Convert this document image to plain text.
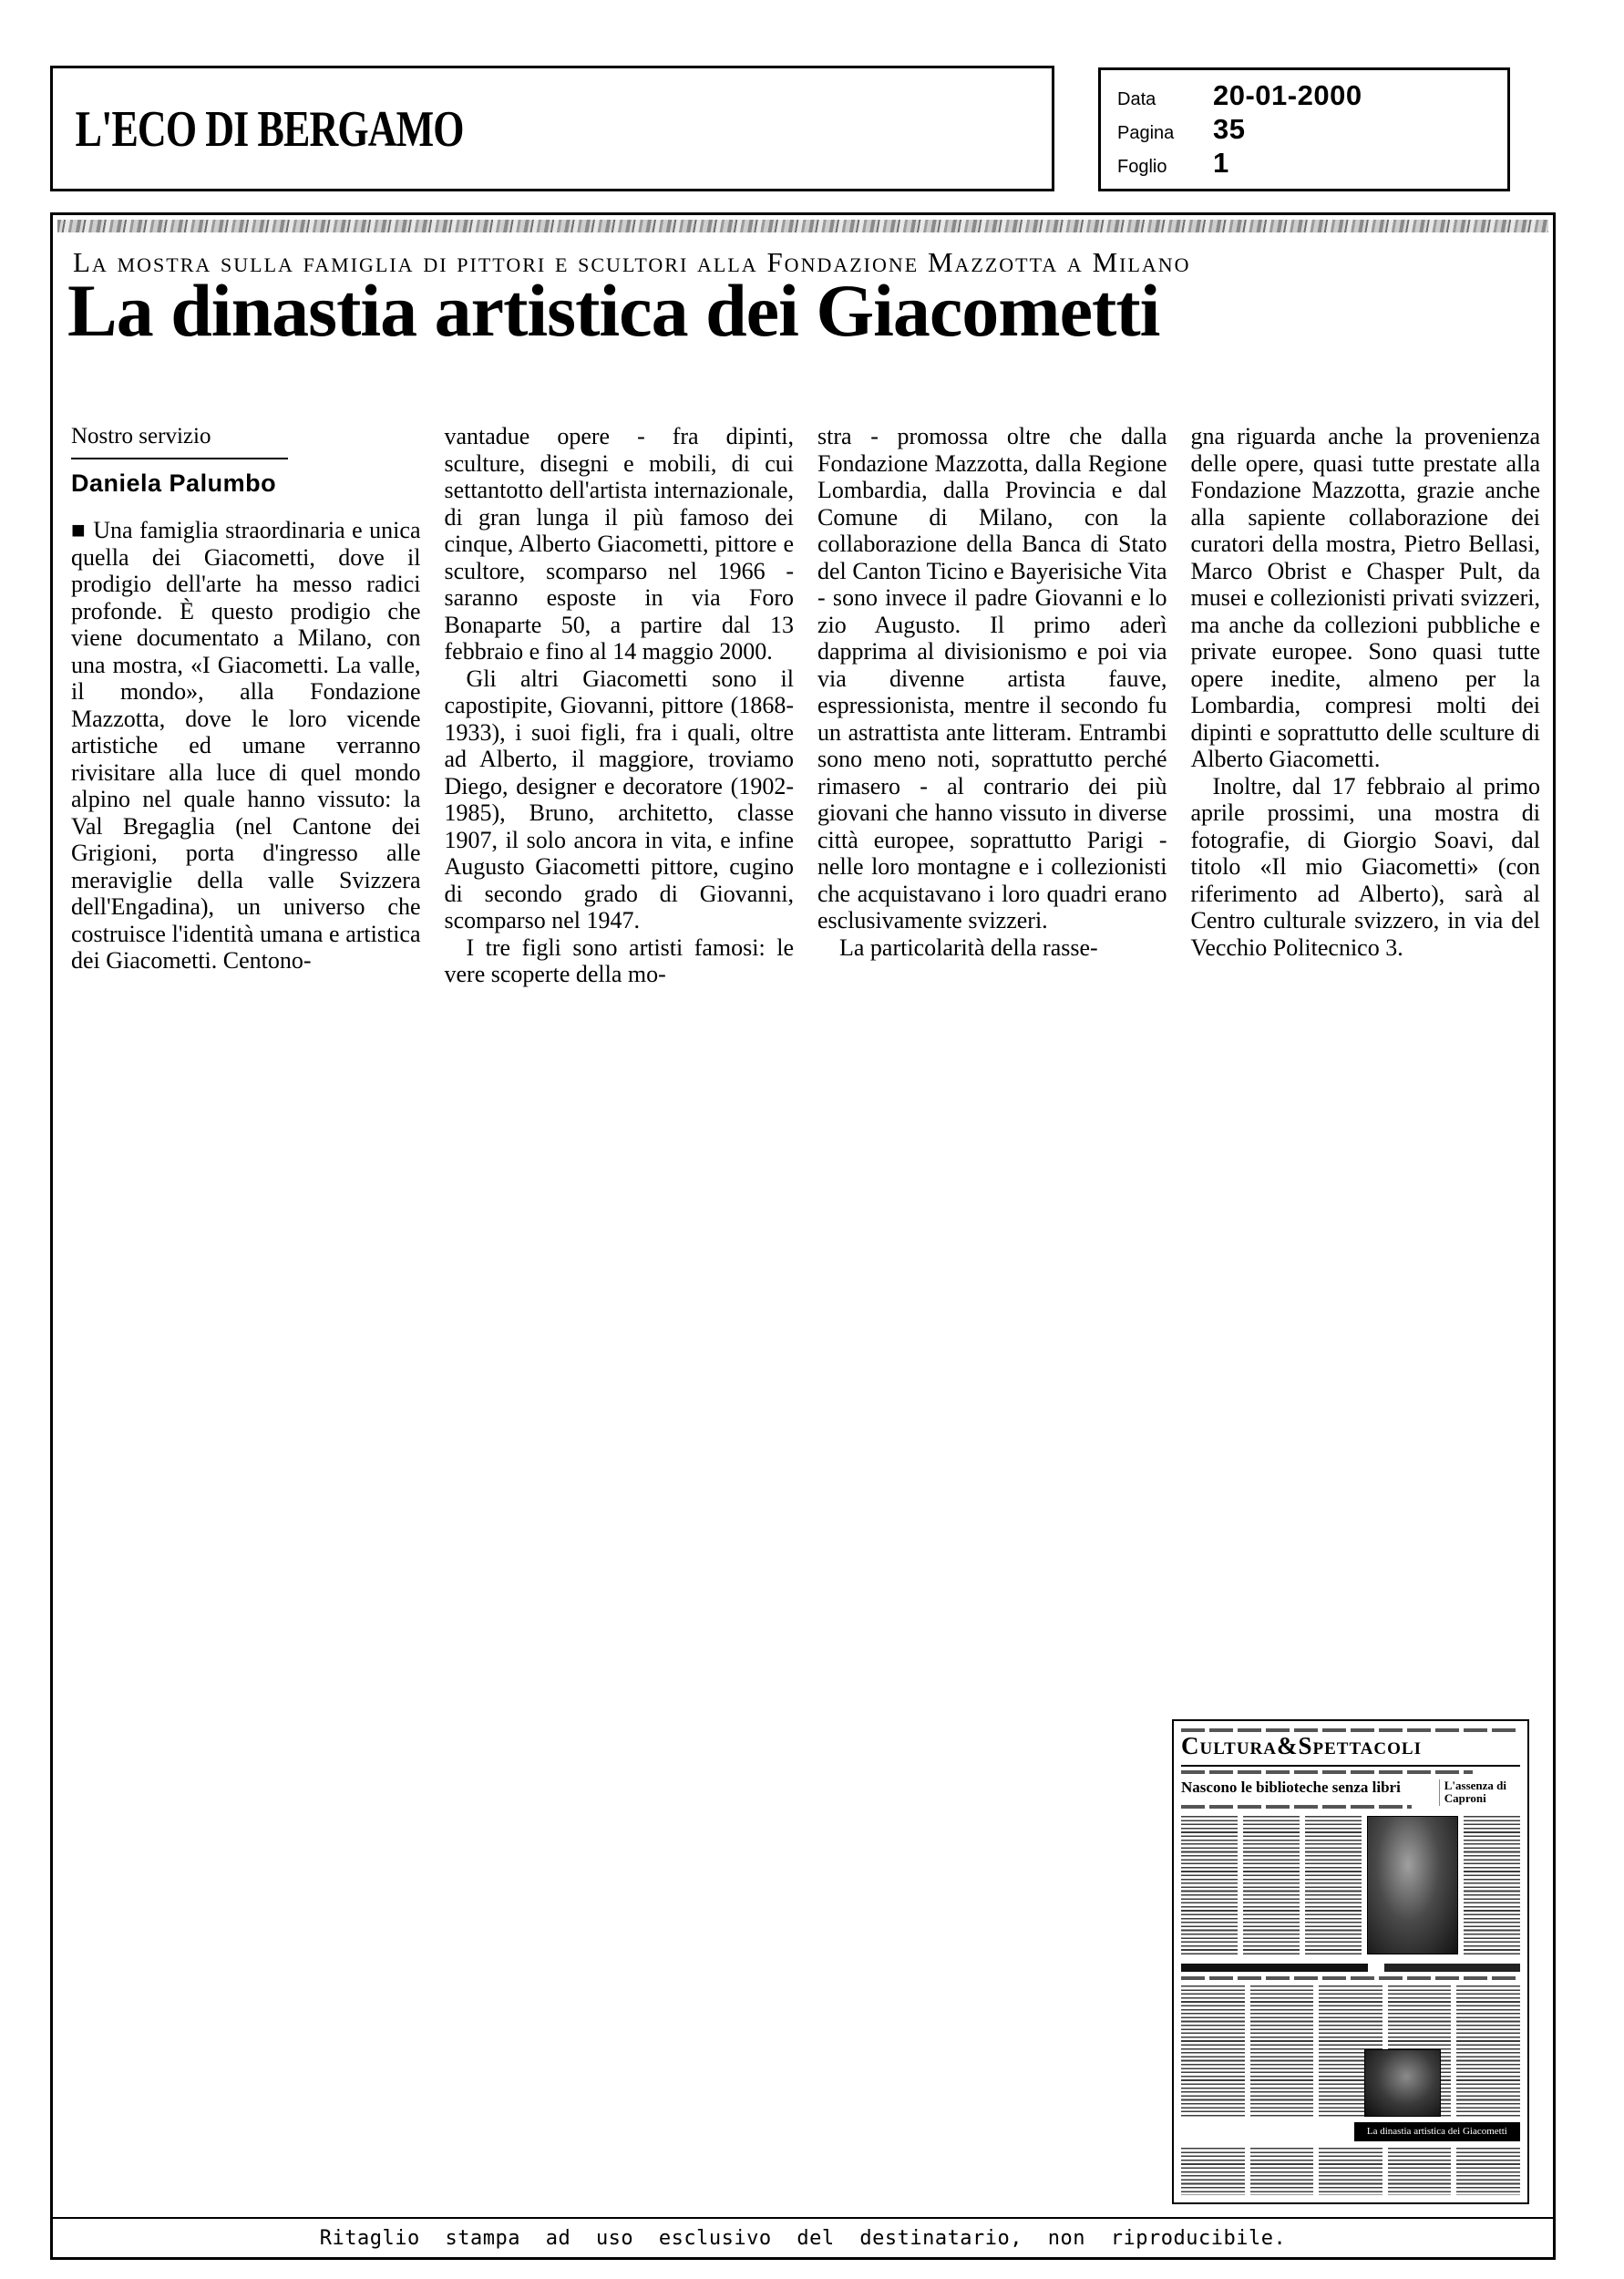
L'ECO DI BERGAMO
Data	20-01-2000
Pagina	35
Foglio	1
La mostra sulla famiglia di pittori e scultori alla Fondazione Mazzotta a Milano
La dinastia artistica dei Giacometti
Nostro servizio
Daniela Palumbo

■ Una famiglia straordinaria e unica quella dei Giacometti, dove il prodigio dell'arte ha messo radici profonde. È questo prodigio che viene documentato a Milano, con una mostra, «I Giacometti. La valle, il mondo», alla Fondazione Mazzotta, dove le loro vicende artistiche ed umane verranno rivisitare alla luce di quel mondo alpino nel quale hanno vissuto: la Val Bregaglia (nel Cantone dei Grigioni, porta d'ingresso alle meraviglie della valle Svizzera dell'Engadina), un universo che costruisce l'identità umana e artistica dei Giacometti. Centono-

vantadue opere - fra dipinti, sculture, disegni e mobili, di cui settantotto dell'artista internazionale, di gran lunga il più famoso dei cinque, Alberto Giacometti, pittore e scultore, scomparso nel 1966 - saranno esposte in via Foro Bonaparte 50, a partire dal 13 febbraio e fino al 14 maggio 2000.

Gli altri Giacometti sono il capostipite, Giovanni, pittore (1868-1933), i suoi figli, fra i quali, oltre ad Alberto, il maggiore, troviamo Diego, designer e decoratore (1902-1985), Bruno, architetto, classe 1907, il solo ancora in vita, e infine Augusto Giacometti pittore, cugino di secondo grado di Giovanni, scomparso nel 1947.

I tre figli sono artisti famosi: le vere scoperte della mo-

stra - promossa oltre che dalla Fondazione Mazzotta, dalla Regione Lombardia, dalla Provincia e dal Comune di Milano, con la collaborazione della Banca di Stato del Canton Ticino e Bayerisiche Vita - sono invece il padre Giovanni e lo zio Augusto. Il primo aderì dapprima al divisionismo e poi via via divenne artista fauve, espressionista, mentre il secondo fu un astrattista ante litteram. Entrambi sono meno noti, soprattutto perché rimasero - al contrario dei più giovani che hanno vissuto in diverse città europee, soprattutto Parigi - nelle loro montagne e i collezionisti che acquistavano i loro quadri erano esclusivamente svizzeri.

La particolarità della rasse-

gna riguarda anche la provenienza delle opere, quasi tutte prestate alla Fondazione Mazzotta, grazie anche alla sapiente collaborazione dei curatori della mostra, Pietro Bellasi, Marco Obrist e Chasper Pult, da musei e collezionisti privati svizzeri, ma anche da collezioni pubbliche e private europee. Sono quasi tutte opere inedite, almeno per la Lombardia, compresi molti dei dipinti e soprattutto delle sculture di Alberto Giacometti.

Inoltre, dal 17 febbraio al primo aprile prossimi, una mostra di fotografie, di Giorgio Soavi, dal titolo «Il mio Giacometti» (con riferimento ad Alberto), sarà al Centro culturale svizzero, in via del Vecchio Politecnico 3.

Cultura&Spettacoli
Nascono le biblioteche senza libri	L'assenza di Caproni
La dinastia artistica dei Giacometti
Ritaglio stampa ad uso esclusivo del destinatario, non riproducibile.
